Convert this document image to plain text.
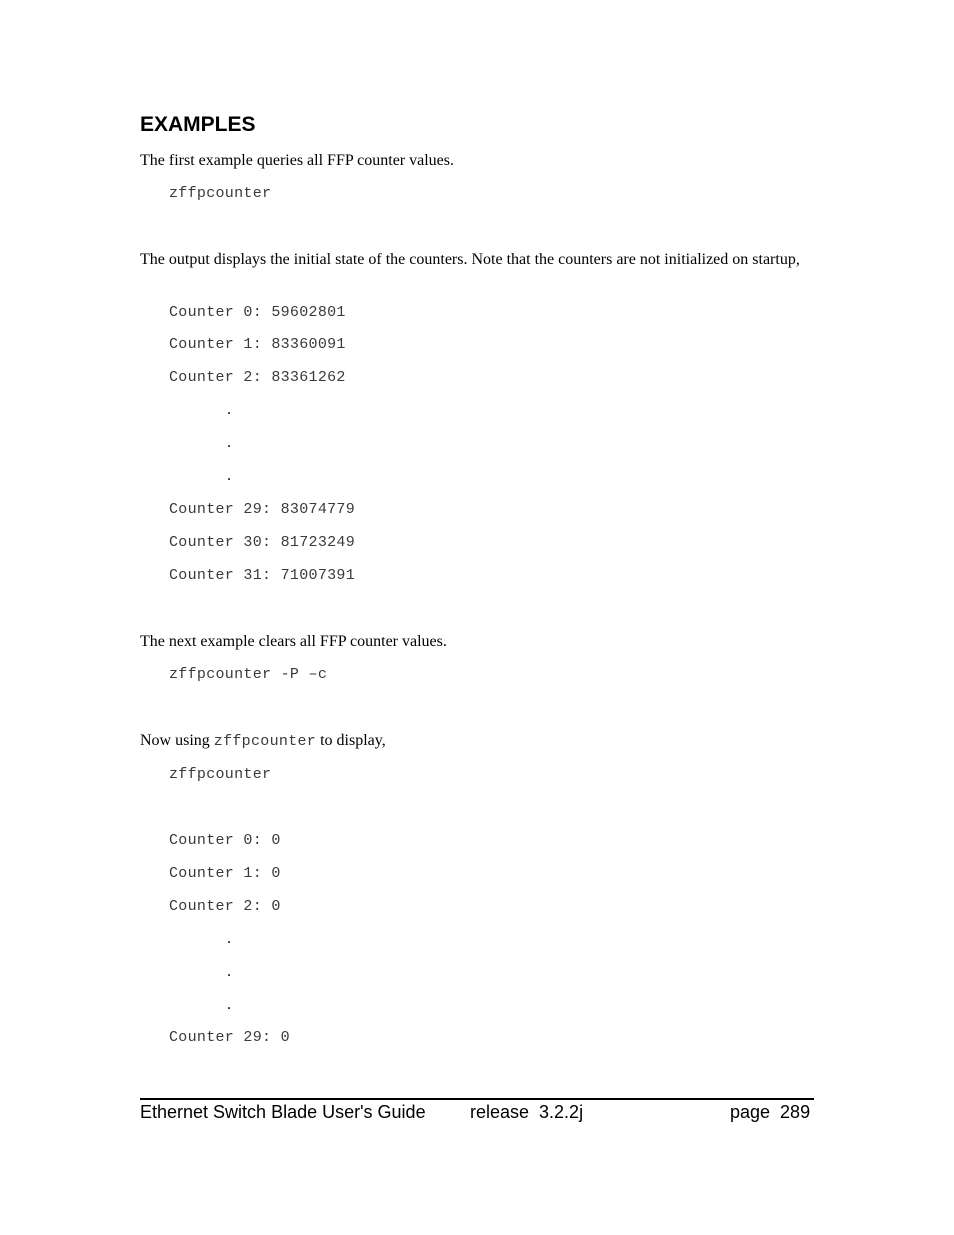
EXAMPLES
The first example queries all FFP counter values.
zffpcounter
The output displays the initial state of the counters. Note that the counters are not initialized on startup,
Counter 0: 59602801
Counter 1: 83360091
Counter 2: 83361262
.
.
.
Counter 29: 83074779
Counter 30: 81723249
Counter 31: 71007391
The next example clears all FFP counter values.
zffpcounter -P –c
Now using zffpcounter to display,
zffpcounter
Counter 0: 0
Counter 1: 0
Counter 2: 0
.
.
.
Counter 29: 0
Ethernet Switch Blade User's Guide release  3.2.2j	page  289
